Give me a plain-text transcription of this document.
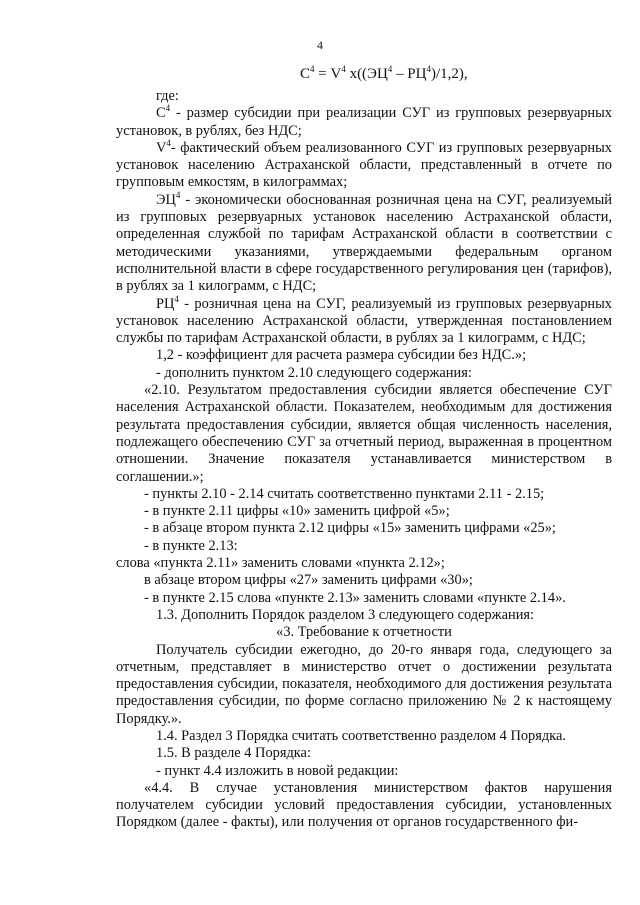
4
$С^4 = V^4$ $х((ЭЦ^4 - РЦ^4)/1,2)$,

где:

$С^4$ - размер субсидии при реализации СУГ из групповых резервуарных установок, в рублях, без НДС;

$V^4-$ фактический объем реализованного СУГ из групповых резервуарных установок населению Астраханской области, представленный в отчете по групповым емкостям, в килограммах;

$ЭЦ^4$ - экономически обоснованная розничная цена на СУГ, реализуемый из групповых резервуарных установок населению Астраханской области, определенная службой по тарифам Астраханской области в соответствии с методическими указаниями, утверждаемыми федеральным органом исполнительной власти в сфере государственного регулирования цен (тарифов), в рублях за 1 килограмм, с НДС;

$РЦ^4$ - розничная цена на СУГ, реализуемый из групповых резервуарных установок населению Астраханской области, утвержденная постановлением службы по тарифам Астраханской области, в рублях за 1 килограмм, с НДС;

1,2 - коэффициент для расчета размера субсидии без НДС.»;

- дополнить пунктом 2.10 следующего содержания:

«2.10. Результатом предоставления субсидии является обеспечение СУГ населения Астраханской области. Показателем, необходимым для достижения результата предоставления субсидии, является общая численность населения, подлежащего обеспечению СУГ за отчетный период, выраженная в процентном отношении. Значение показателя устанавливается министерством в соглашении.»;

- пункты 2.10 - 2.14 считать соответственно пунктами 2.11 - 2.15;

- в пункте 2.11 цифры «10» заменить цифрой «5»;

- в абзаце втором пункта 2.12 цифры «15» заменить цифрами «25»;

- в пункте 2.13:

слова «пункта 2.11» заменить словами «пункта 2.12»;

в абзаце втором цифры «27» заменить цифрами «30»;

- в пункте 2.15 слова «пункте 2.13» заменить словами «пункте 2.14».

1.3. Дополнить Порядок разделом 3 следующего содержания:

«3. Требование к отчетности

Получатель субсидии ежегодно, до 20-го января года, следующего за отчетным, представляет в министерство отчет о достижении результата предоставления субсидии, показателя, необходимого для достижения результата предоставления субсидии, по форме согласно приложению № 2 к настоящему Порядку.».

1.4. Раздел 3 Порядка считать соответственно разделом 4 Порядка.

1.5. В разделе 4 Порядка:

- пункт 4.4 изложить в новой редакции:

«4.4. В случае установления министерством фактов нарушения получателем субсидии условий предоставления субсидии, установленных Порядком (далее - факты), или получения от органов государственного фи-
